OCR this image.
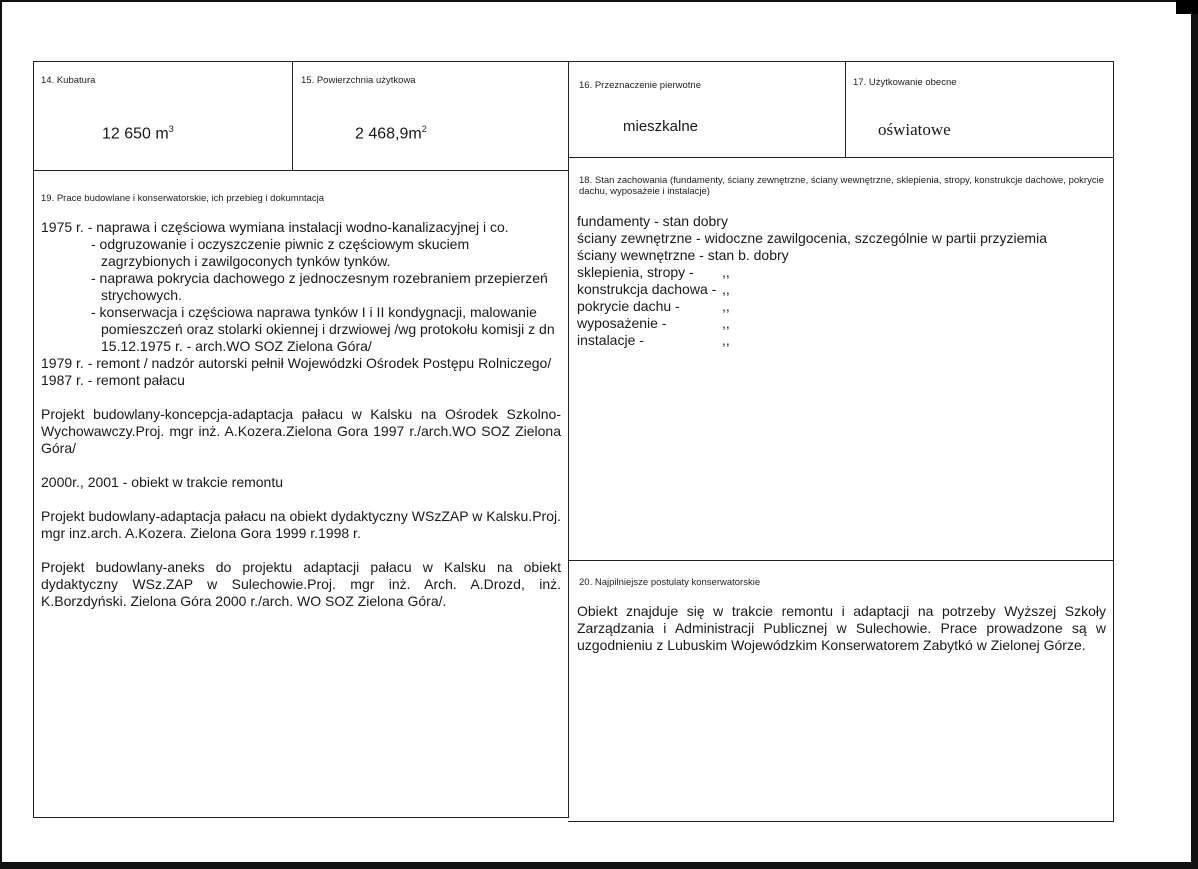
14. Kubatura
12 650 $m^3$
15. Powierzchnia użytkowa
2 $468,9m^2$
16. Przeznaczenie pierwotne
mieszkalne
17. Użytkowanie obecne
oświatowe
18. Stan zachowania (fundamenty, ściany zewnętrzne, ściany wewnętrzne, sklepienia, stropy, konstrukcje dachowe, pokrycie dachu, wyposażeie i instalacje)
fundamenty - stan dobry
ściany zewnętrzne - widoczne zawilgocenia, szczególnie w partii przyziemia
ściany wewnętrzne - stan b. dobry
sklepienia, stropy -	,,
konstrukcja dachowa - ,,
pokrycie dachu -	,,
wyposażenie -	,,
instalacje -	,,
19. Prace budowlane i konserwatorskie, ich przebieg i dokumntacja
1975 r. - naprawa i częściowa wymiana instalacji wodno-kanalizacyjnej i co.
- odgruzowanie i oczyszczenie piwnic z częściowym skuciem
zagrzybionych i zawilgoconych tynków tynków.
- naprawa pokrycia dachowego z jednoczesnym rozebraniem przepierzeń
strychowych.
- konserwacja i częściowa naprawa tynków I i II kondygnacji, malowanie
pomieszczeń oraz stolarki okiennej i drzwiowej /wg protokołu komisji z dn
15.12.1975 r. - arch.WO SOZ Zielona Góra/
1979 r. - remont / nadzór autorski pełnił Wojewódzki Ośrodek Postępu Rolniczego/
1987 r. - remont pałacu
Projekt budowlany-koncepcja-adaptacja pałacu w Kalsku na Ośrodek Szkolno-Wychowawczy.Proj. mgr inż. A.Kozera.Zielona Gora 1997 r./arch.WO SOZ Zielona Góra/
2000r., 2001 - obiekt w trakcie remontu
Projekt budowlany-adaptacja pałacu na obiekt dydaktyczny WSzZAP w Kalsku.Proj. mgr inz.arch. A.Kozera. Zielona Gora 1999 r.1998 r.
Projekt budowlany-aneks do projektu adaptacji pałacu w Kalsku na obiekt dydaktyczny WSz.ZAP w Sulechowie.Proj. mgr inż. Arch. A.Drozd, inż. K.Borzdyński. Zielona Góra 2000 r./arch. WO SOZ Zielona Góra/.
20. Najpilniejsze postulaty konserwatorskie
Obiekt znajduje się w trakcie remontu i adaptacji na potrzeby Wyższej Szkoły Zarządzania i Administracji Publicznej w Sulechowie. Prace prowadzone są w uzgodnieniu z Lubuskim Wojewódzkim Konserwatorem Zabytkó w Zielonej Górze.
